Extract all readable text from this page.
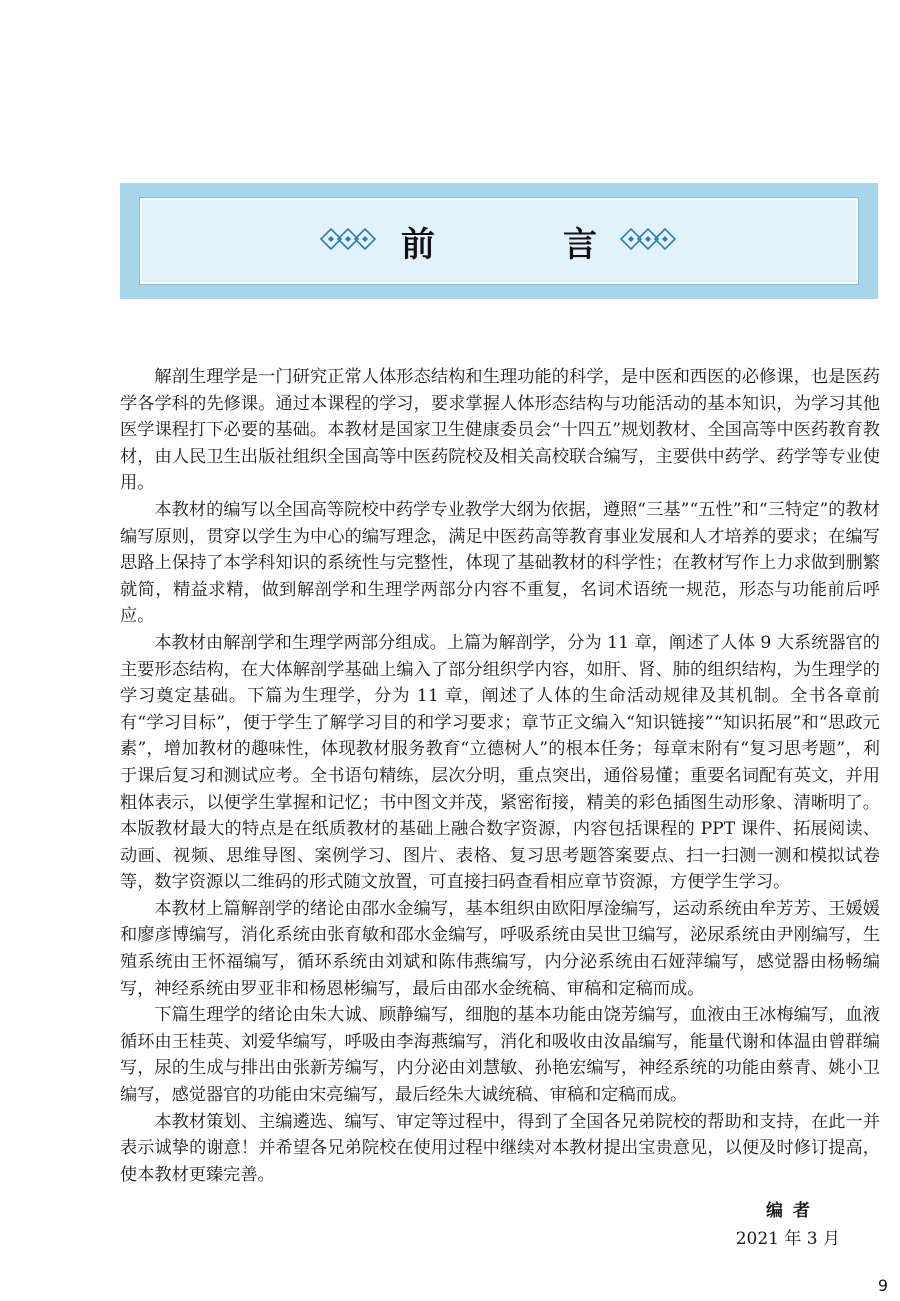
前	言

解剖生理学是一门研究正常人体形态结构和生理功能的科学，是中医和西医的必修课，也是医药学各学科的先修课。通过本课程的学习，要求掌握人体形态结构与功能活动的基本知识，为学习其他医学课程打下必要的基础。本教材是国家卫生健康委员会“十四五”规划教材、全国高等中医药教育教材，由人民卫生出版社组织全国高等中医药院校及相关高校联合编写，主要供中药学、药学等专业使用。

本教材的编写以全国高等院校中药学专业教学大纲为依据，遵照“三基”“五性”和“三特定”的教材编写原则，贯穿以学生为中心的编写理念，满足中医药高等教育事业发展和人才培养的要求；在编写思路上保持了本学科知识的系统性与完整性，体现了基础教材的科学性；在教材写作上力求做到删繁就简，精益求精，做到解剖学和生理学两部分内容不重复，名词术语统一规范，形态与功能前后呼应。

本教材由解剖学和生理学两部分组成。上篇为解剖学，分为 11 章，阐述了人体 9 大系统器官的主要形态结构，在大体解剖学基础上编入了部分组织学内容，如肝、肾、肺的组织结构，为生理学的学习奠定基础。下篇为生理学，分为 11 章，阐述了人体的生命活动规律及其机制。全书各章前有“学习目标”，便于学生了解学习目的和学习要求；章节正文编入“知识链接”“知识拓展”和“思政元素”，增加教材的趣味性，体现教材服务教育“立德树人”的根本任务；每章末附有“复习思考题”，利于课后复习和测试应考。全书语句精练，层次分明，重点突出，通俗易懂；重要名词配有英文，并用粗体表示，以便学生掌握和记忆；书中图文并茂，紧密衔接，精美的彩色插图生动形象、清晰明了。本版教材最大的特点是在纸质教材的基础上融合数字资源，内容包括课程的 PPT 课件、拓展阅读、动画、视频、思维导图、案例学习、图片、表格、复习思考题答案要点、扫一扫测一测和模拟试卷等，数字资源以二维码的形式随文放置，可直接扫码查看相应章节资源，方便学生学习。

本教材上篇解剖学的绪论由邵水金编写，基本组织由欧阳厚淦编写，运动系统由牟芳芳、王媛媛和廖彦博编写，消化系统由张育敏和邵水金编写，呼吸系统由吴世卫编写，泌尿系统由尹刚编写，生殖系统由王怀福编写，循环系统由刘斌和陈伟燕编写，内分泌系统由石娅萍编写，感觉器由杨畅编写，神经系统由罗亚非和杨恩彬编写，最后由邵水金统稿、审稿和定稿而成。

下篇生理学的绪论由朱大诚、顾静编写，细胞的基本功能由饶芳编写，血液由王冰梅编写，血液循环由王桂英、刘爱华编写，呼吸由李海燕编写，消化和吸收由汝晶编写，能量代谢和体温由曾群编写，尿的生成与排出由张新芳编写，内分泌由刘慧敏、孙艳宏编写，神经系统的功能由蔡青、姚小卫编写，感觉器官的功能由宋亮编写，最后经朱大诚统稿、审稿和定稿而成。

本教材策划、主编遴选、编写、审定等过程中，得到了全国各兄弟院校的帮助和支持，在此一并表示诚挚的谢意！并希望各兄弟院校在使用过程中继续对本教材提出宝贵意见，以便及时修订提高，使本教材更臻完善。

编者
2021 年 3 月
9
